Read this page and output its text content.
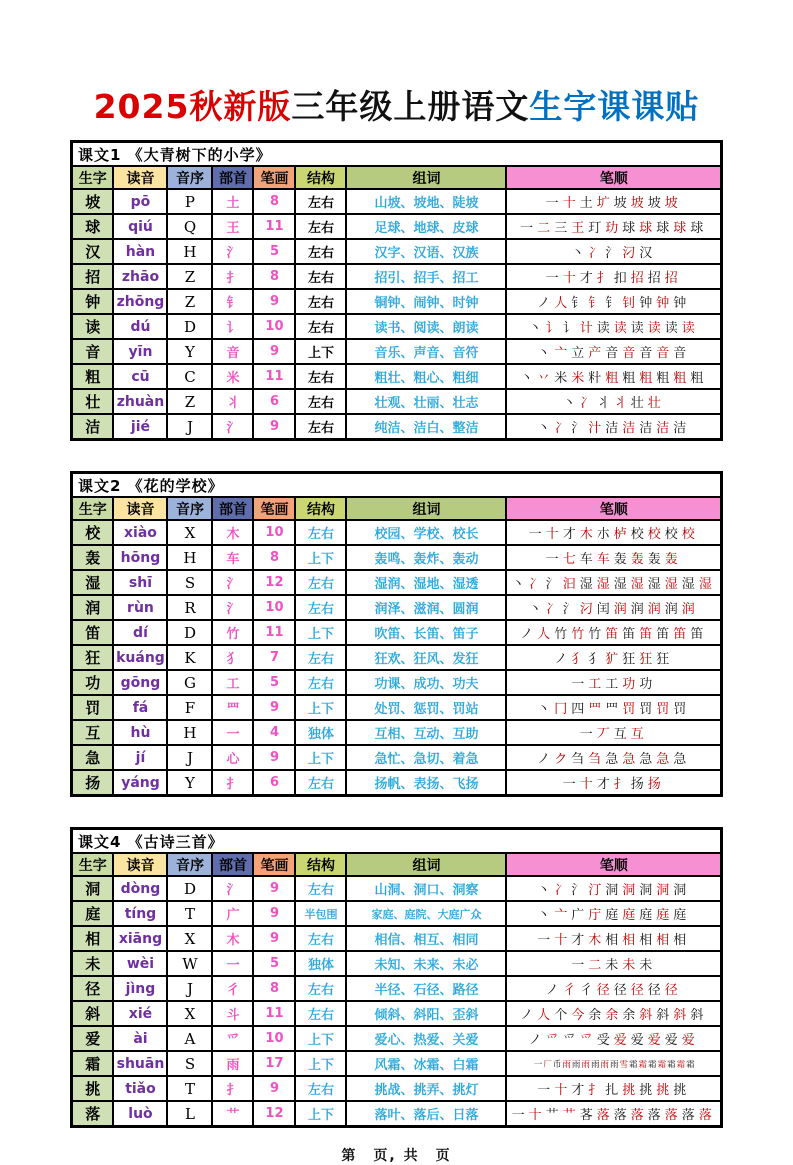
2025秋新版三年级上册语文生字课课贴
课文1 《大青树下的小学》							
生字	读音	音序	部首	笔画	结构	组词	笔顺
坡	pō	P	土	8	左右	山坡、坡地、陡坡	一 十 土 圹 坡 坡 坡 坡
球	qiú	Q	王	11	左右	足球、地球、皮球	一 二 三 王 玎 玏 球 球 球 球 球
汉	hàn	H	氵	5	左右	汉字、汉语、汉族	丶 冫 氵 汈 汉
招	zhāo	Z	扌	8	左右	招引、招手、招工	一 十 才 扌 扣 招 招 招
钟	zhōng	Z	钅	9	左右	铜钟、闹钟、时钟	ノ 人 钅 钅 钅 钊 钟 钟 钟
读	dú	D	讠	10	左右	读书、阅读、朗读	丶 讠 讠 计 读 读 读 读 读 读
音	yīn	Y	音	9	上下	音乐、声音、音符	丶 亠 立 产 音 音 音 音 音
粗	cū	C	米	11	左右	粗壮、粗心、粗细	丶 丷 米 米 籵 粗 粗 粗 粗 粗 粗
壮	zhuàn	Z	丬	6	左右	壮观、壮丽、壮志	丶 冫 丬 丬 壮 壮
洁	jié	J	氵	9	左右	纯洁、洁白、整洁	丶 冫 氵 汁 洁 洁 洁 洁 洁
课文2 《花的学校》							
生字	读音	音序	部首	笔画	结构	组词	笔顺
校	xiào	X	木	10	左右	校园、学校、校长	一 十 才 木 朩 栌 校 校 校 校
轰	hōng	H	车	8	上下	轰鸣、轰炸、轰动	一 七 车 车 轰 轰 轰 轰
湿	shī	S	氵	12	左右	湿润、湿地、湿透	丶 冫 氵 汩 湿 湿 湿 湿 湿 湿 湿 湿
润	rùn	R	氵	10	左右	润泽、滋润、圆润	丶 冫 氵 汈 闰 润 润 润 润 润
笛	dí	D	竹	11	上下	吹笛、长笛、笛子	ノ 人 竹 竹 竹 笛 笛 笛 笛 笛 笛
狂	kuáng	K	犭	7	左右	狂欢、狂风、发狂	ノ 犭 犭 犷 狂 狂 狂
功	gōng	G	工	5	左右	功课、成功、功夫	一 工 工 功 功
罚	fá	F	罒	9	上下	处罚、惩罚、罚站	丶 冂 四 罒 罒 罚 罚 罚 罚
互	hù	H	一	4	独体	互相、互动、互助	一 丆 互 互
急	jí	J	心	9	上下	急忙、急切、着急	ノ ク 刍 刍 急 急 急 急 急
扬	yáng	Y	扌	6	左右	扬帆、表扬、飞扬	一 十 才 扌 扬 扬
课文4 《古诗三首》							
生字	读音	音序	部首	笔画	结构	组词	笔顺
洞	dòng	D	氵	9	左右	山洞、洞口、洞察	丶 冫 氵 汀 洞 洞 洞 洞 洞
庭	tíng	T	广	9	半包围	家庭、庭院、大庭广众	丶 亠 广 庁 庭 庭 庭 庭 庭
相	xiāng	X	木	9	左右	相信、相互、相同	一 十 才 木 相 相 相 相 相
未	wèi	W	一	5	独体	未知、未来、未必	一 二 未 未 未
径	jìng	J	彳	8	左右	半径、石径、路径	ノ 彳 彳 径 径 径 径 径
斜	xié	X	斗	11	左右	倾斜、斜阳、歪斜	ノ 人 个 今 余 余 余 斜 斜 斜 斜
爱	ài	A	爫	10	上下	爱心、热爱、关爱	ノ 爫 爫 爫 受 爱 爱 爱 爱 爱
霜	shuān	S	雨	17	上下	风霜、冰霜、白霜	一厂币雨雨雨雨雨雨雪霜霜霜霜霜霜霜
挑	tiǎo	T	扌	9	左右	挑战、挑弄、挑灯	一 十 才 扌 扎 挑 挑 挑 挑
落	luò	L	艹	12	上下	落叶、落后、日落	一 十 艹 艹 茖 落 落 落 落 落 落 落
第　页, 共　页
